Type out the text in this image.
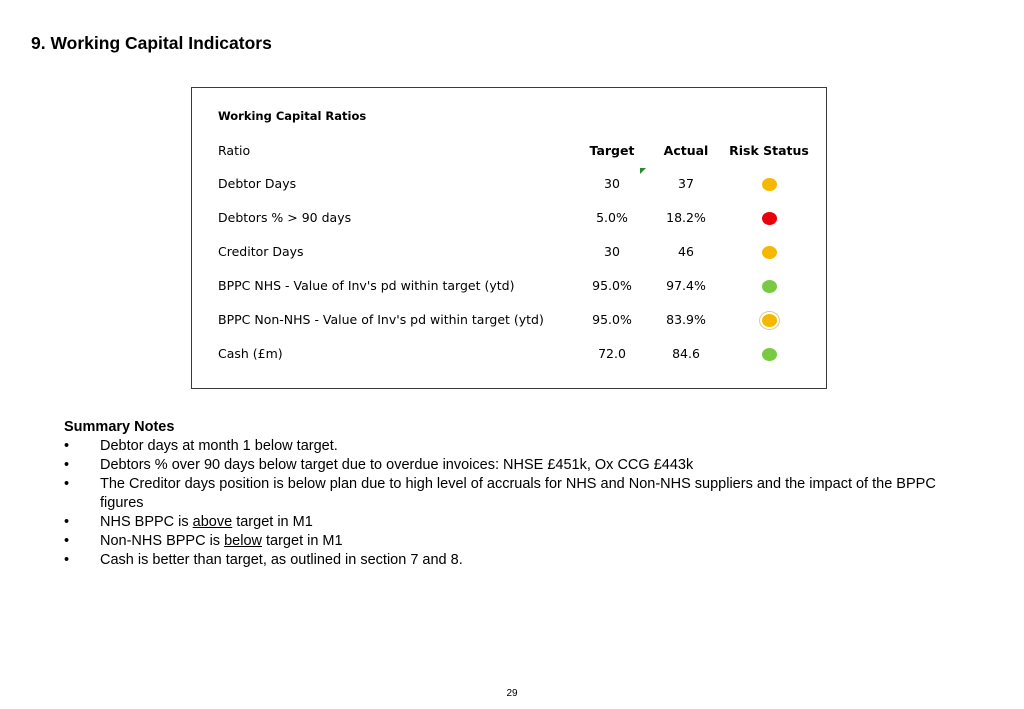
9. Working Capital Indicators
Working Capital Ratios
Ratio	Target	Actual	Risk Status
Debtor Days	30	37	
Debtors % > 90 days	5.0%	18.2%	
Creditor Days	30	46	
BPPC NHS - Value of Inv's pd within target (ytd)	95.0%	97.4%	
BPPC Non-NHS - Value of Inv's pd within target (ytd)	95.0%	83.9%	
Cash (£m)	72.0	84.6	

Summary Notes

• Debtor days at month 1 below target.
• Debtors % over 90 days below target due to overdue invoices: NHSE £451k, Ox CCG £443k
• The Creditor days position is below plan due to high level of accruals for NHS and Non-NHS suppliers and the impact of the BPPC figures
• NHS BPPC is above target in M1
• Non-NHS BPPC is below target in M1
• Cash is better than target, as outlined in section 7 and 8.
29
